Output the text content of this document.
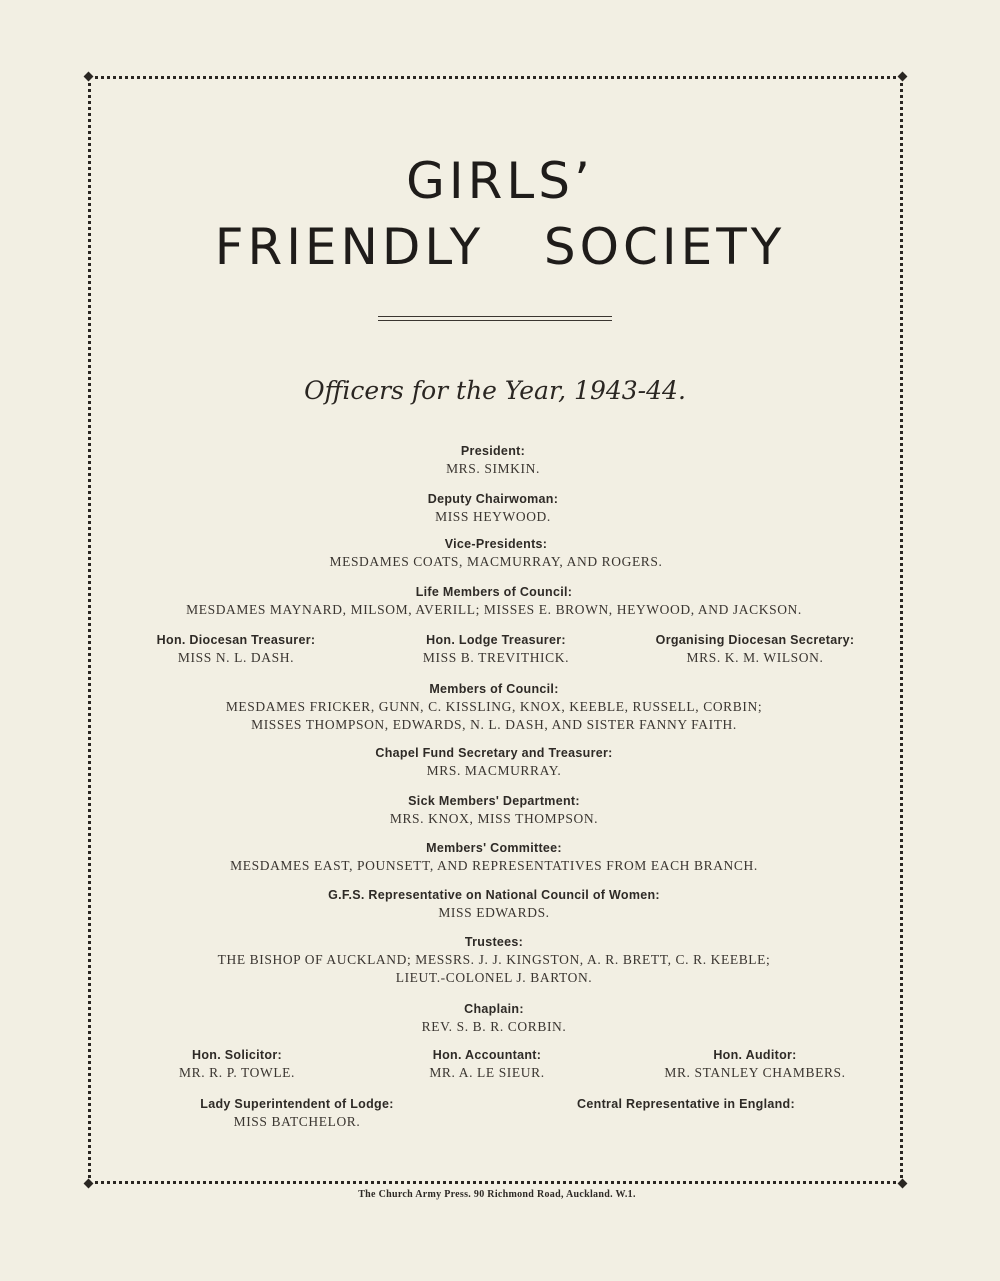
GIRLS’
FRIENDLY   SOCIETY
Officers for the Year, 1943-44.
President:
MRS. SIMKIN.
Deputy Chairwoman:
MISS HEYWOOD.
Vice-Presidents:
MESDAMES COATS, MACMURRAY, AND ROGERS.
Life Members of Council:
MESDAMES MAYNARD, MILSOM, AVERILL; MISSES E. BROWN, HEYWOOD, AND JACKSON.
Hon. Diocesan Treasurer:
MISS N. L. DASH.
Hon. Lodge Treasurer:
MISS B. TREVITHICK.
Organising Diocesan Secretary:
MRS. K. M. WILSON.
Members of Council:
MESDAMES FRICKER, GUNN, C. KISSLING, KNOX, KEEBLE, RUSSELL, CORBIN;
MISSES THOMPSON, EDWARDS, N. L. DASH, AND SISTER FANNY FAITH.
Chapel Fund Secretary and Treasurer:
MRS. MACMURRAY.
Sick Members' Department:
MRS. KNOX, MISS THOMPSON.
Members' Committee:
MESDAMES EAST, POUNSETT, AND REPRESENTATIVES FROM EACH BRANCH.
G.F.S. Representative on National Council of Women:
MISS EDWARDS.
Trustees:
THE BISHOP OF AUCKLAND; MESSRS. J. J. KINGSTON, A. R. BRETT, C. R. KEEBLE;
LIEUT.-COLONEL J. BARTON.
Chaplain:
REV. S. B. R. CORBIN.
Hon. Solicitor:
MR. R. P. TOWLE.
Hon. Accountant:
MR. A. LE SIEUR.
Hon. Auditor:
MR. STANLEY CHAMBERS.
Lady Superintendent of Lodge:
MISS BATCHELOR.
Central Representative in England:
The Church Army Press. 90 Richmond Road, Auckland. W.1.
